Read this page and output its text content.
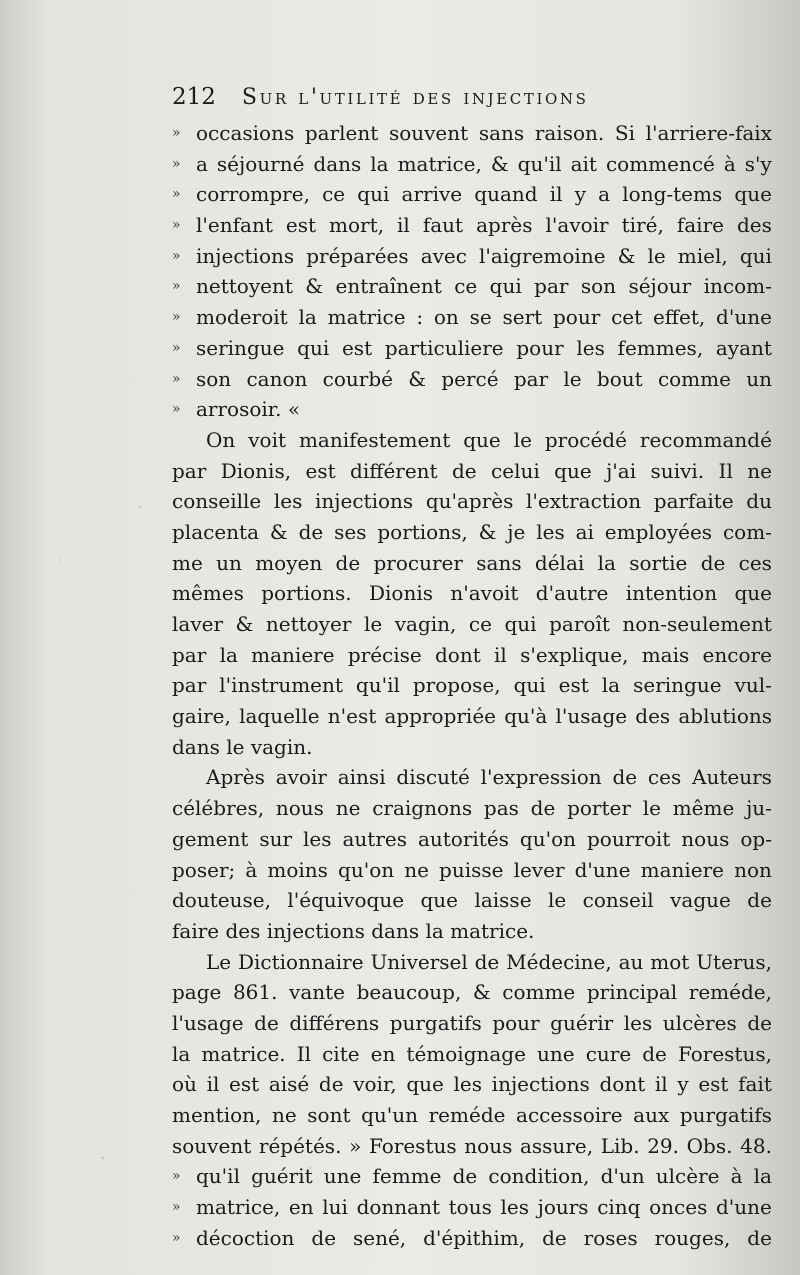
212 Sur l'utilité des injections
» occasions parlent souvent sans raison. Si l'arriere-faix
» a séjourné dans la matrice, & qu'il ait commencé à s'y
» corrompre, ce qui arrive quand il y a long-tems que
» l'enfant est mort, il faut après l'avoir tiré, faire des
» injections préparées avec l'aigremoine & le miel, qui
» nettoyent & entraînent ce qui par son séjour incom-
» moderoit la matrice : on se sert pour cet effet, d'une
» seringue qui est particuliere pour les femmes, ayant
» son canon courbé & percé par le bout comme un
» arrosoir. «
On voit manifestement que le procédé recommandé
par Dionis, est différent de celui que j'ai suivi. Il ne
conseille les injections qu'après l'extraction parfaite du
placenta & de ses portions, & je les ai employées com-
me un moyen de procurer sans délai la sortie de ces
mêmes portions. Dionis n'avoit d'autre intention que
laver & nettoyer le vagin, ce qui paroît non-seulement
par la maniere précise dont il s'explique, mais encore
par l'instrument qu'il propose, qui est la seringue vul-
gaire, laquelle n'est appropriée qu'à l'usage des ablutions
dans le vagin.
Après avoir ainsi discuté l'expression de ces Auteurs
célébres, nous ne craignons pas de porter le même ju-
gement sur les autres autorités qu'on pourroit nous op-
poser; à moins qu'on ne puisse lever d'une maniere non
douteuse, l'équivoque que laisse le conseil vague de
faire des injections dans la matrice.
Le Dictionnaire Universel de Médecine, au mot Uterus,
page 861. vante beaucoup, & comme principal reméde,
l'usage de différens purgatifs pour guérir les ulcères de
la matrice. Il cite en témoignage une cure de Forestus,
où il est aisé de voir, que les injections dont il y est fait
mention, ne sont qu'un reméde accessoire aux purgatifs
souvent répétés. » Forestus nous assure, Lib. 29. Obs. 48.
» qu'il guérit une femme de condition, d'un ulcère à la
» matrice, en lui donnant tous les jours cinq onces d'une
» décoction de sené, d'épithim, de roses rouges, de
